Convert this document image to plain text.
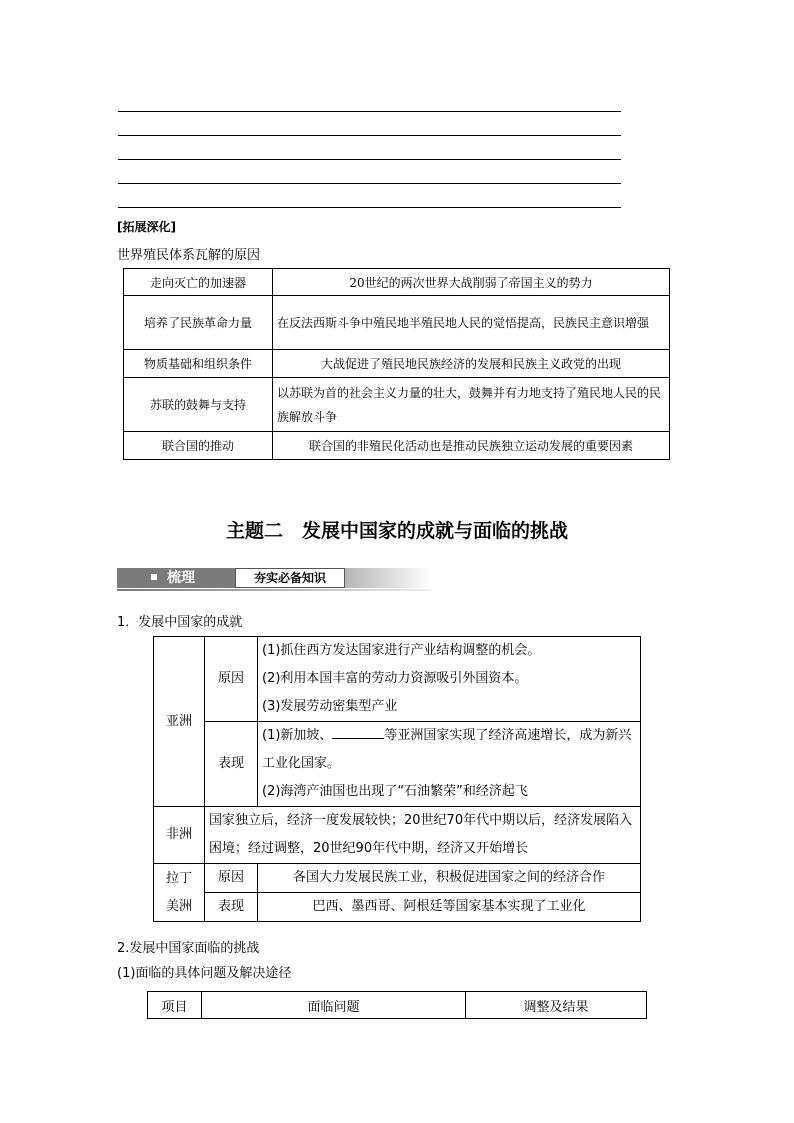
[拓展深化]
世界殖民体系瓦解的原因
走向灭亡的加速器	20世纪的两次世界大战削弱了帝国主义的势力
培养了民族革命力量	在反法西斯斗争中殖民地半殖民地人民的觉悟提高，民族民主意识增强
物质基础和组织条件	大战促进了殖民地民族经济的发展和民族主义政党的出现
苏联的鼓舞与支持	以苏联为首的社会主义力量的壮大，鼓舞并有力地支持了殖民地人民的民族解放斗争
联合国的推动	联合国的非殖民化活动也是推动民族独立运动发展的重要因素
主题二　发展中国家的成就与面临的挑战
梳理	夯实必备知识
1．发展中国家的成就
亚洲	原因	(1)抓住西方发达国家进行产业结构调整的机会。
(2)利用本国丰富的劳动力资源吸引外国资本。
(3)发展劳动密集型产业

	表现	(1)新加坡、 等亚洲国家实现了经济高速增长，成为新兴工业化国家。
(2)海湾产油国也出现了“石油繁荣”和经济起飞

非洲	国家独立后，经济一度发展较快；20世纪70年代中期以后，经济发展陷入困境；经过调整，20世纪90年代中期，经济又开始增长	

拉丁
美洲	原因	各国大力发展民族工业，积极促进国家之间的经济合作
	表现	巴西、墨西哥、阿根廷等国家基本实现了工业化
2.发展中国家面临的挑战
(1)面临的具体问题及解决途径
项目	面临问题	调整及结果
